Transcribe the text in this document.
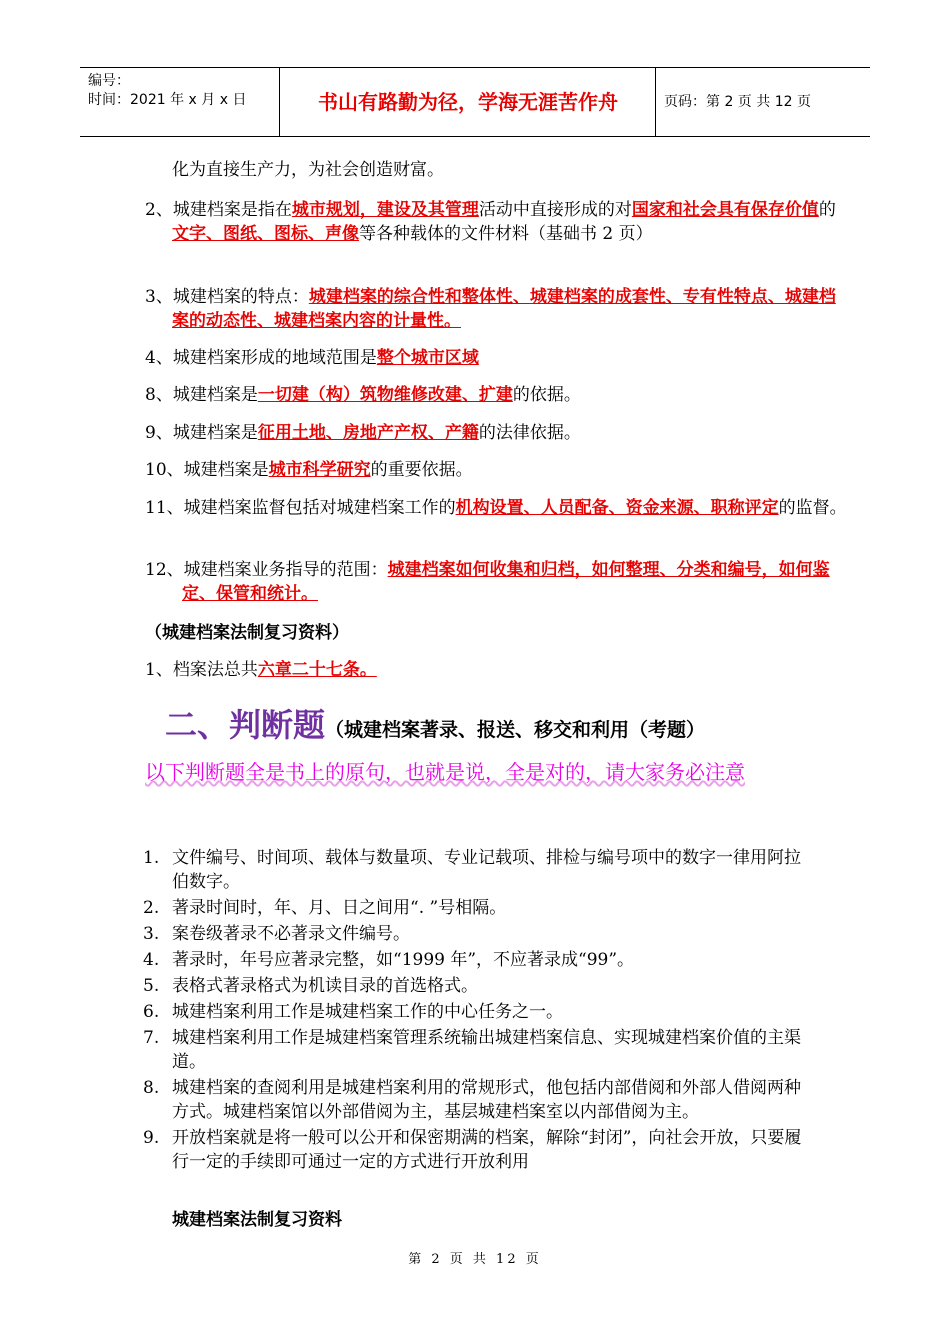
编号：
时间：2021 年 x 月 x 日	书山有路勤为径，学海无涯苦作舟	页码：第 2 页 共 12 页
化为直接生产力，为社会创造财富。
2、城建档案是指在城市规划，建设及其管理活动中直接形成的对国家和社会具有保存价值的文字、图纸、图标、声像等各种载体的文件材料（基础书 2 页）
3、城建档案的特点：城建档案的综合性和整体性、城建档案的成套性、专有性特点、城建档案的动态性、城建档案内容的计量性。
4、城建档案形成的地域范围是整个城市区域
8、城建档案是一切建（构）筑物维修改建、扩建的依据。
9、城建档案是征用土地、房地产产权、产籍的法律依据。
10、城建档案是城市科学研究的重要依据。
11、城建档案监督包括对城建档案工作的机构设置、人员配备、资金来源、职称评定的监督。
12、城建档案业务指导的范围：城建档案如何收集和归档，如何整理、分类和编号，如何鉴定、保管和统计。
（城建档案法制复习资料）
1、档案法总共六章二十七条。
二、判断题（城建档案著录、报送、移交和利用（考题）
以下判断题全是书上的原句，也就是说，全是对的，请大家务必注意
1. 文件编号、时间项、载体与数量项、专业记载项、排检与编号项中的数字一律用阿拉伯数字。
2. 著录时间时，年、月、日之间用“. ”号相隔。
3. 案卷级著录不必著录文件编号。
4. 著录时，年号应著录完整，如“1999 年”，不应著录成“99”。
5. 表格式著录格式为机读目录的首选格式。
6. 城建档案利用工作是城建档案工作的中心任务之一。
7. 城建档案利用工作是城建档案管理系统输出城建档案信息、实现城建档案价值的主渠道。
8. 城建档案的查阅利用是城建档案利用的常规形式，他包括内部借阅和外部人借阅两种方式。城建档案馆以外部借阅为主，基层城建档案室以内部借阅为主。
9. 开放档案就是将一般可以公开和保密期满的档案，解除“封闭”，向社会开放，只要履行一定的手续即可通过一定的方式进行开放利用
城建档案法制复习资料
第 2 页 共 12 页
